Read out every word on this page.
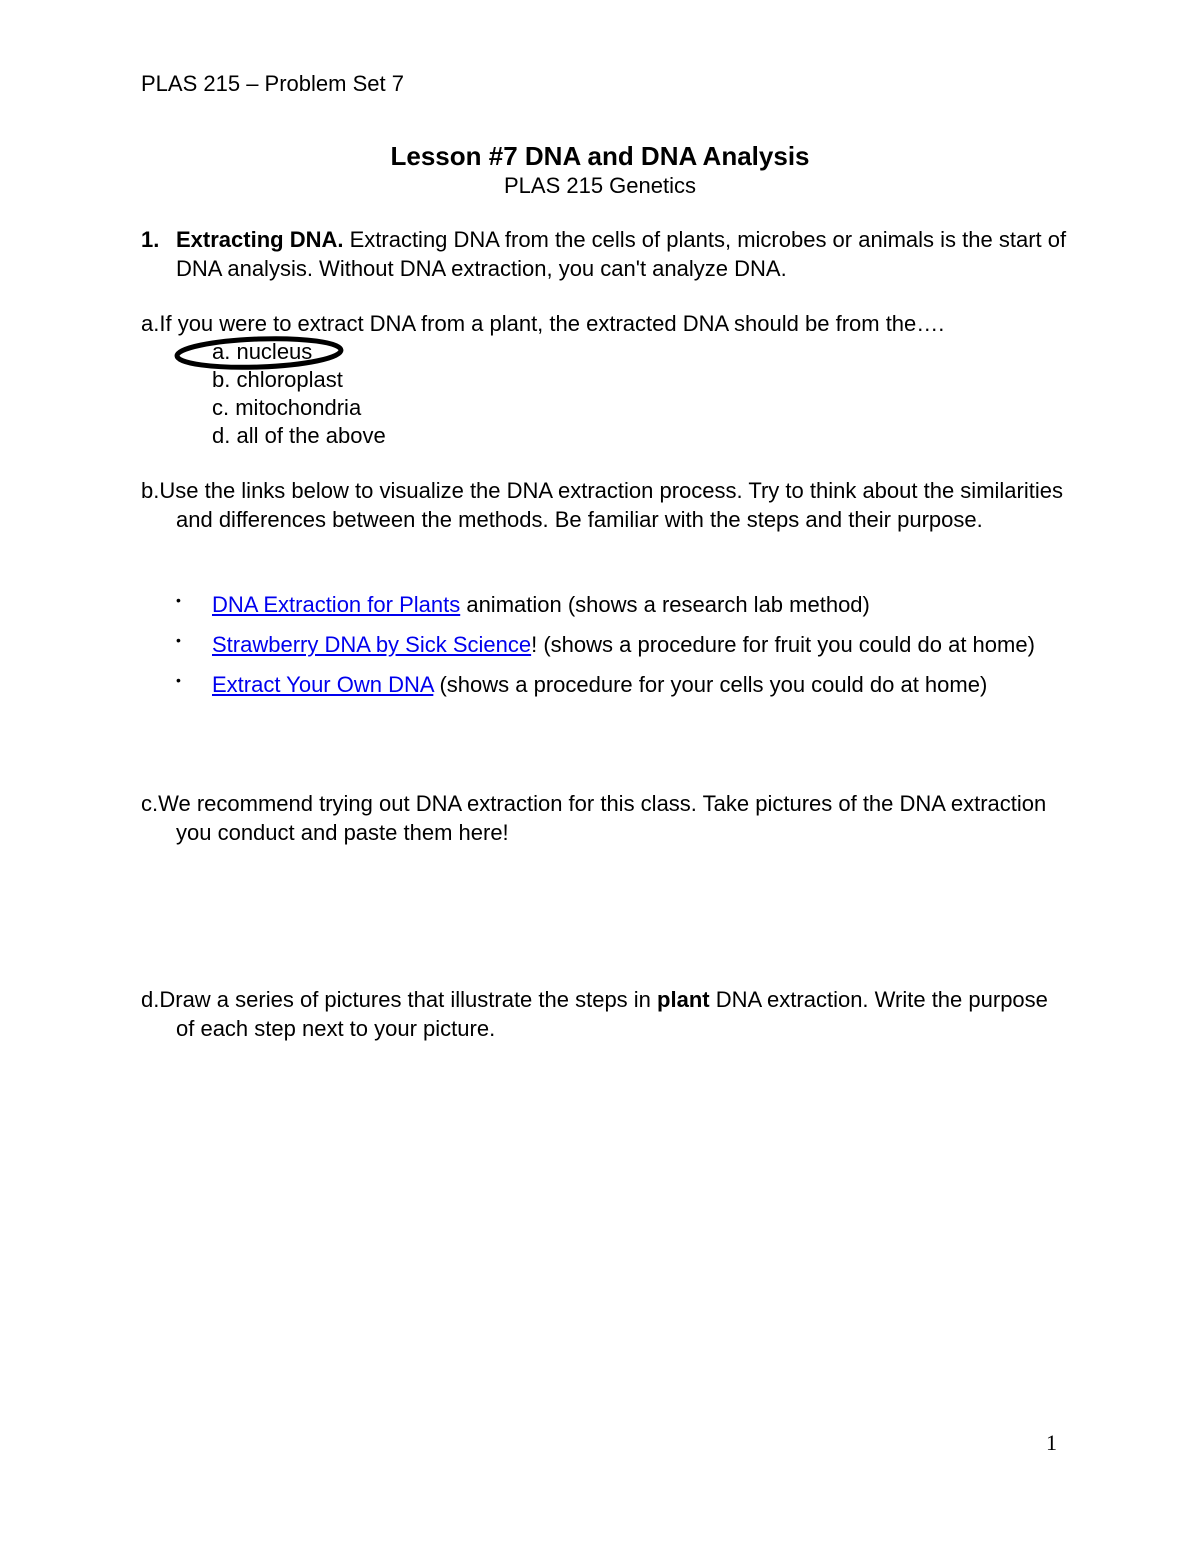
PLAS 215 – Problem Set 7
Lesson #7 DNA and DNA Analysis
PLAS 215 Genetics
1. Extracting DNA. Extracting DNA from the cells of plants, microbes or animals is the start of DNA analysis. Without DNA extraction, you can't analyze DNA.
a.If you were to extract DNA from a plant, the extracted DNA should be from the….
a. nucleus
b. chloroplast
c. mitochondria
d. all of the above
b.Use the links below to visualize the DNA extraction process. Try to think about the similarities and differences between the methods. Be familiar with the steps and their purpose.
• DNA Extraction for Plants animation (shows a research lab method)
• Strawberry DNA by Sick Science! (shows a procedure for fruit you could do at home)
• Extract Your Own DNA (shows a procedure for your cells you could do at home)
c.We recommend trying out DNA extraction for this class. Take pictures of the DNA extraction you conduct and paste them here!
d.Draw a series of pictures that illustrate the steps in plant DNA extraction. Write the purpose of each step next to your picture.
1
